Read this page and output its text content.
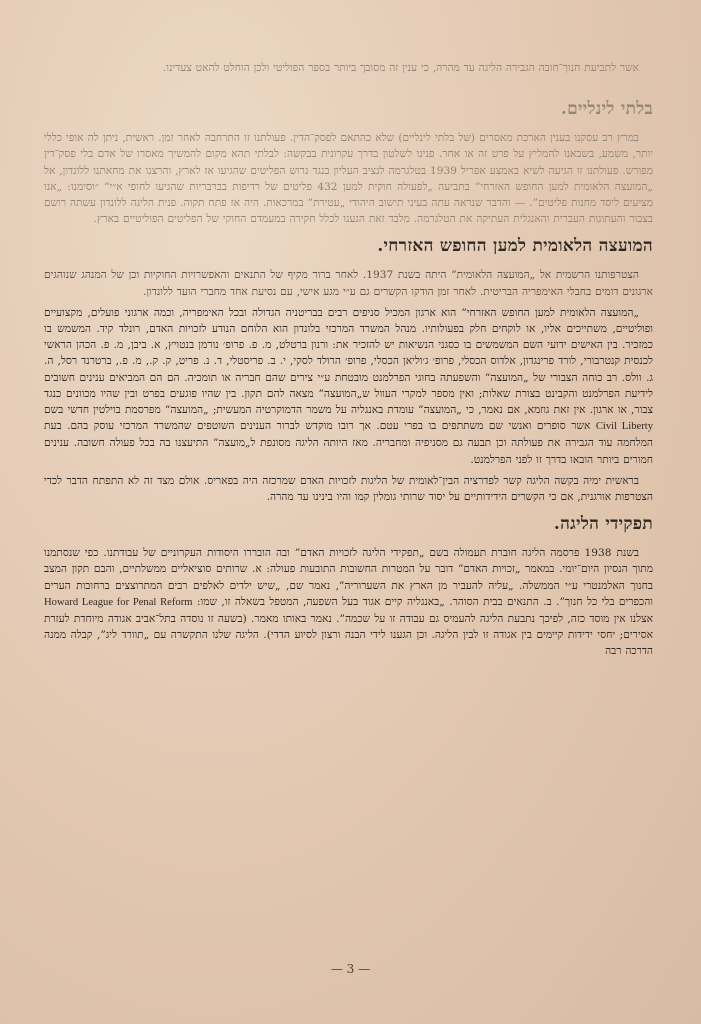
אשר לתביעת חנוך־חובה הגבירה הליגה עד מהרה, כי ענין זה מסובך ביותר בספר הפוליטי ולכן הוחלט להאט צעדינו.

בלתי לינליים.

במרץ רב עסקנו בענין הארכת מאסרים (של בלתי לינליים) שלא כהתאם לפסק־הדין. פעולתנו זו התרחבה לאחר זמן. ראשית, ניתן לה אופי כללי יותר, משמע, בשבאנו להמליץ על פרט זה או אחר. פנינו לשלטון בדרך עקרונית בבקשה: לבלתי תהא מקום להמשיך מאסרו של אדם בלי פסק־דין מפורש. פעולתנו זו הגיעה לשיא באמצע אפריל 1939 בטלגרמה לנציב העליון בנגד גרוש הפליטים שהגיעו אז לארץ, והרצנו את מחאתנו ללונדון, אל „המועצה הלאומית למען החופש האזרחי” בתביעה „לפעולה חוקית למען 432 פליטים של רדיפות בברבריות שהגיעו לחופי א״י” ״וסימנו: „אנו מציעים ליסד מחנות פליטים”. — והדבר שנראה עתה בעיני תישוב היהודי „עטירת” במרכאות. היה אז פתח תקוה. פנית הליגה ללונדון עשתה רושם בצבור והעתונות העברית והאנגלית העתיקה את הטלגרמה. מלבד זאת הגענו לכלל חקירה במעמדם החוקי של הפליטים הפוליטיים בארץ.

המועצה הלאומית למען החופש האזרחי.

הצטרפותנו הרשמית אל „המועצה הלאומית” היתה בשנת 1937. לאחר ברור מקיף של התנאים והאפשרויות החוקיות וכן של המנהג שנוהגים ארגונים דומים בחבלי האימפריה הבריטית. לאחר זמן הודקו הקשרים גם ע״י מגע אישי, עם נסיעת אחד מחברי הועד ללונדון.

„המועצה הלאומית למען החופש האזרחי” הוא ארגון המכיל סניפים רבים בבריטניה הגדולה ובכל האימפריה, וכמה ארגוני פועלים, מקצועיים ופוליטיים, משתייכים אליו, או לוקחים חלק בפעולותיו. מנהל המשרד המרכזי בלונדון הוא הלוחם הנודע לזכויות האדם, רונלד קיד. המשמש בו כמזכיר. בין האישים ידועי השם המשמשים בו כסגני הנשיאות יש להזכיר את: ורנון ברטלט, מ. פ. פרופ׳ נורמן בנטויץ, א. ביבן, מ. פ. הכהן הראשי לכנסית קנטרבורי, לורד פרינגדון, אלדוס הכסלי, פרופ׳ ג׳וליאן הכסלי, פרופ׳ הרולד לסקי, י. ב. פריסטלי, ד. נ. פריט, ק. ק., מ. פ., ברטרנד רסל, ה. ג. וולס. רב כוחה הצבורי של „המועצה” והשפעתה בחוגי הפרלמנט מובטחת ע״י צירים שהם חבריה או תומכיה. הם הם המביאים ענינים חשובים לידיעת הפרלמנט והקבינט בצורת שאלות; ואין מספר למקרי העוול ש„המועצה” מצאה להם תקון. בין שהיו פוגעים בפרט ובין שהיו מכוונים כנגד צבור, או ארגון. אין זאת גוזמא, אם נאמר, כי „המועצה” עומדת באנגליה על משמר הדמוקרטיה המעשית; „המועצה” מפרסמת בוילטין חדשי בשם Civil Liberty אשר סופרים ואנשי שם משתתפים בו בפרי עטם. אך רובו מוקדש לברור הענינים השוטפים שהמשרד המרכזי עוסק בהם. בעת המלחמה עוד הגבירה את פעולתה וכן תבעה גם מסניפיה ומחבריה. מאז היותה הליגה מסונפת ל„מועצה” התיעצנו בה בכל פעולה חשובה. ענינים חמורים ביותר הובאו בדרך זו לפני הפרלמנט.

בראשית ימיה בקשה הליגה קשר לפדרציה הבין־לאומית של הליגות לזכויות האדם שמרכזה היה בפאריס. אולם מצד זה לא התפתח הדבר לכדי הצטרפות אורגנית, אם כי הקשרים הידידותיים על יסוד שרותי גומלין קמו והיו בינינו עד מהרה.

תפקידי הליגה.

בשנת 1938 פרסמה הליגה חוברת תעמולה בשם „תפקידי הליגה לזכויות האדם” ובה הובררו היסודות העקרוניים של עבודתנו. כפי שנסתמנו מתוך הנסיון היום־יומי. במאמר „זכויות האדם” דובר על המטרות החשובות התובעות פעולה: א. שרותים סוציאליים ממשלתיים, והבם תקון המצב בחנוך האלמנטרי ע״י הממשלה. „עליה להעביר מן הארץ את השערוריה”, נאמר שם, „שיש ילדים לאלפים רבים המתרוצצים ברחובות הערים והכפרים בלי כל חנוך”. ב. התנאים בבית הסוהר. „באנגליה קיים אגוד בעל השפעה, המטפל בשאלה זו, שמו: Howard League for Penal Reform אצלנו אין מוסד כזה, לפיכך נתבעת הליגה להעמיס גם עבודה זו על שכמה”. נאמר באותו מאמר. (בשעה זו נוסדה בתל־אביב אגודה מיוחדת לעזרת אסירים; יחסי ידידות קיימים בין אגודה זו לבין הליגה. וכן הגענו לידי הבנה ורצון לסיוע הדדי). הליגה שלנו התקשרה עם „תוורד ליג”, קבלה ממנה הדרכה רבה

— 3 —
